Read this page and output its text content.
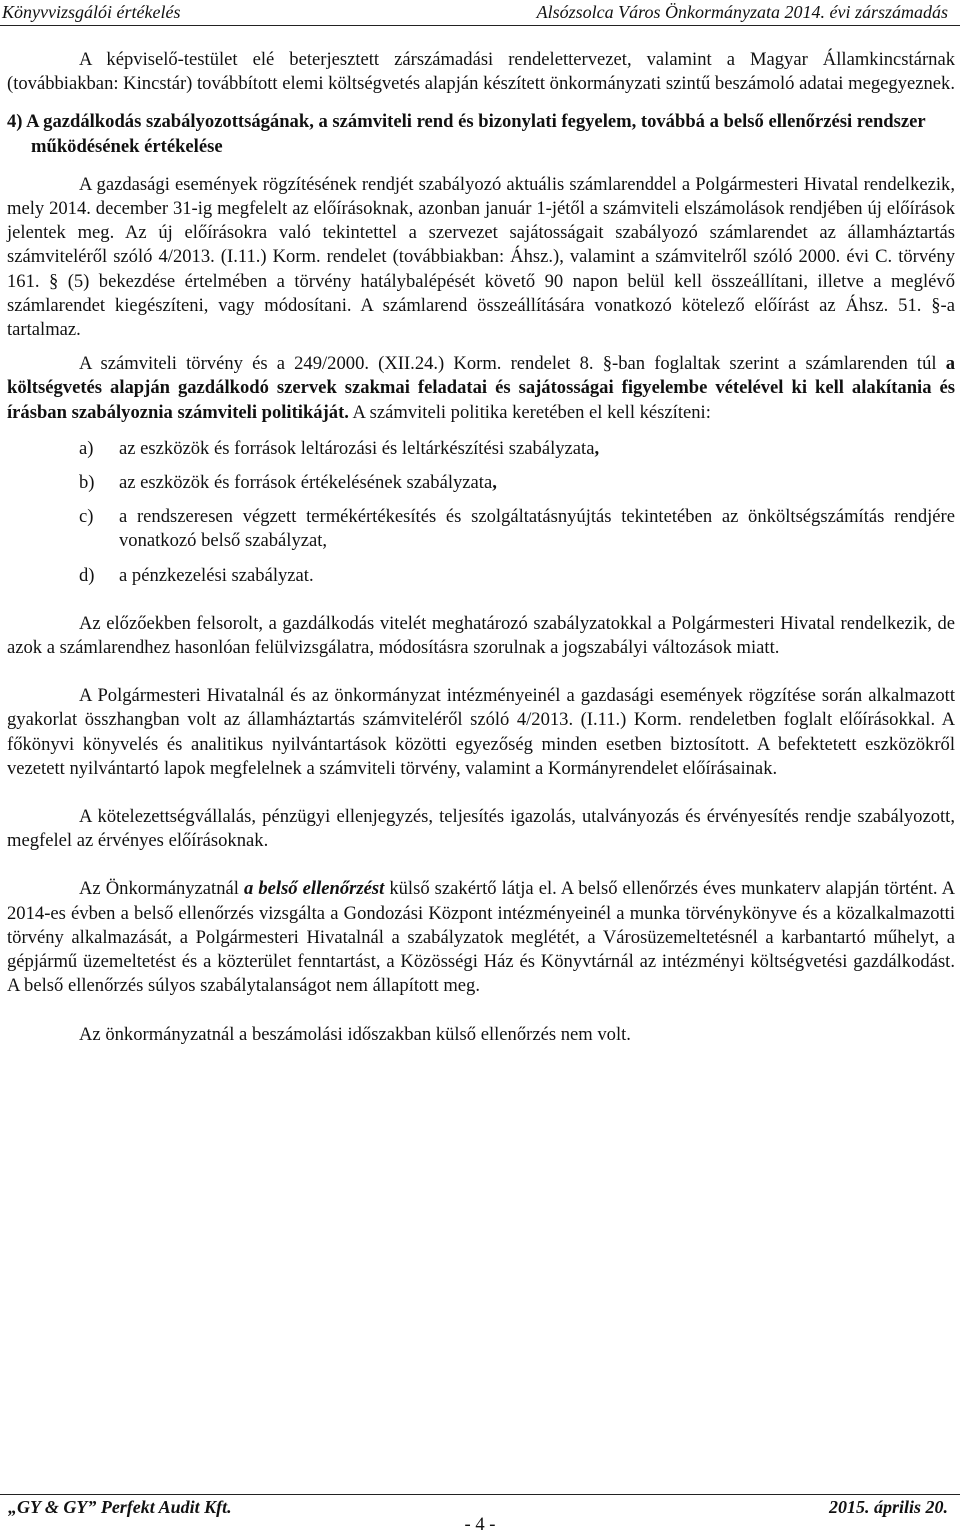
Könyvvizsgálói értékelés	Alsózsolca Város Önkormányzata 2014. évi zárszámadás

A képviselő-testület elé beterjesztett zárszámadási rendelettervezet, valamint a Magyar Államkincstárnak (továbbiakban: Kincstár) továbbított elemi költségvetés alapján készített önkormányzati szintű beszámoló adatai megegyeznek.

4) A gazdálkodás szabályozottságának, a számviteli rend és bizonylati fegyelem, továbbá a belső ellenőrzési rendszer működésének értékelése

A gazdasági események rögzítésének rendjét szabályozó aktuális számlarenddel a Polgármesteri Hivatal rendelkezik, mely 2014. december 31-ig megfelelt az előírásoknak, azonban január 1-jétől a számviteli elszámolások rendjében új előírások jelentek meg. Az új előírásokra való tekintettel a szervezet sajátosságait szabályozó számlarendet az államháztartás számviteléről szóló 4/2013. (I.11.) Korm. rendelet (továbbiakban: Áhsz.), valamint a számvitelről szóló 2000. évi C. törvény 161. § (5) bekezdése értelmében a törvény hatálybalépését követő 90 napon belül kell összeállítani, illetve a meglévő számlarendet kiegészíteni, vagy módosítani. A számlarend összeállítására vonatkozó kötelező előírást az Áhsz. 51. §-a tartalmaz.

A számviteli törvény és a 249/2000. (XII.24.) Korm. rendelet 8. §-ban foglaltak szerint a számlarenden túl a költségvetés alapján gazdálkodó szervek szakmai feladatai és sajátosságai figyelembe vételével ki kell alakítania és írásban szabályoznia számviteli politikáját. A számviteli politika keretében el kell készíteni:

a) az eszközök és források leltározási és leltárkészítési szabályzata,
b) az eszközök és források értékelésének szabályzata,
c) a rendszeresen végzett termékértékesítés és szolgáltatásnyújtás tekintetében az önköltségszámítás rendjére vonatkozó belső szabályzat,
d) a pénzkezelési szabályzat.

Az előzőekben felsorolt, a gazdálkodás vitelét meghatározó szabályzatokkal a Polgármesteri Hivatal rendelkezik, de azok a számlarendhez hasonlóan felülvizsgálatra, módosításra szorulnak a jogszabályi változások miatt.

A Polgármesteri Hivatalnál és az önkormányzat intézményeinél a gazdasági események rögzítése során alkalmazott gyakorlat összhangban volt az államháztartás számviteléről szóló 4/2013. (I.11.) Korm. rendeletben foglalt előírásokkal. A főkönyvi könyvelés és analitikus nyilvántartások közötti egyezőség minden esetben biztosított. A befektetett eszközökről vezetett nyilvántartó lapok megfelelnek a számviteli törvény, valamint a Kormányrendelet előírásainak.

A kötelezettségvállalás, pénzügyi ellenjegyzés, teljesítés igazolás, utalványozás és érvényesítés rendje szabályozott, megfelel az érvényes előírásoknak.

Az Önkormányzatnál a belső ellenőrzést külső szakértő látja el. A belső ellenőrzés éves munkaterv alapján történt. A 2014-es évben a belső ellenőrzés vizsgálta a Gondozási Központ intézményeinél a munka törvénykönyve és a közalkalmazotti törvény alkalmazását, a Polgármesteri Hivatalnál a szabályzatok meglétét, a Városüzemeltetésnél a karbantartó műhelyt, a gépjármű üzemeltetést és a közterület fenntartást, a Közösségi Ház és Könyvtárnál az intézményi költségvetési gazdálkodást. A belső ellenőrzés súlyos szabálytalanságot nem állapított meg.

Az önkormányzatnál a beszámolási időszakban külső ellenőrzés nem volt.

„GY & GY” Perfekt Audit Kft.	2015. április 20.
- 4 -
